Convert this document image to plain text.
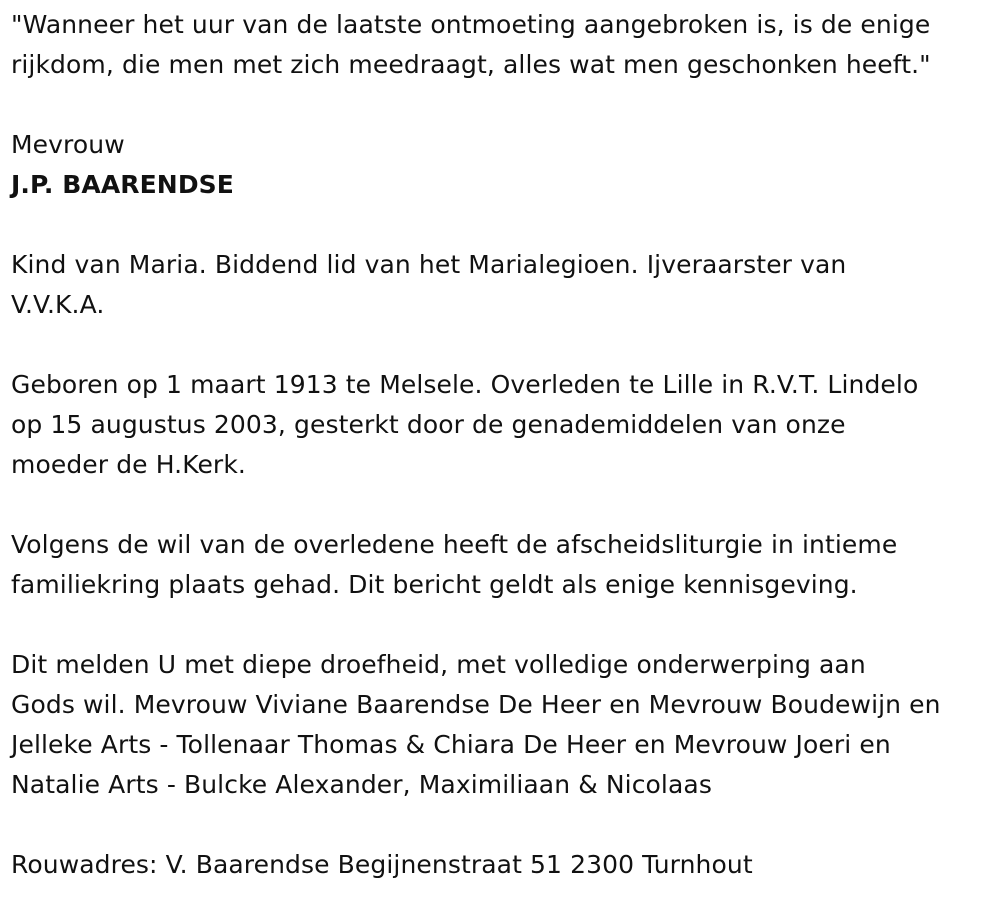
"Wanneer het uur van de laatste ontmoeting aangebroken is, is de enige

rijkdom, die men met zich meedraagt, alles wat men geschonken heeft."

Mevrouw

J.P. BAARENDSE

Kind van Maria. Biddend lid van het Marialegioen. Ijveraarster van

V.V.K.A.

Geboren op 1 maart 1913 te Melsele. Overleden te Lille in R.V.T. Lindelo

op 15 augustus 2003, gesterkt door de genademiddelen van onze

moeder de H.Kerk.

Volgens de wil van de overledene heeft de afscheidsliturgie in intieme

familiekring plaats gehad. Dit bericht geldt als enige kennisgeving.

Dit melden U met diepe droefheid, met volledige onderwerping aan

Gods wil. Mevrouw Viviane Baarendse De Heer en Mevrouw Boudewijn en

Jelleke Arts - Tollenaar Thomas & Chiara De Heer en Mevrouw Joeri en

Natalie Arts - Bulcke Alexander, Maximiliaan & Nicolaas

Rouwadres: V. Baarendse Begijnenstraat 51 2300 Turnhout
